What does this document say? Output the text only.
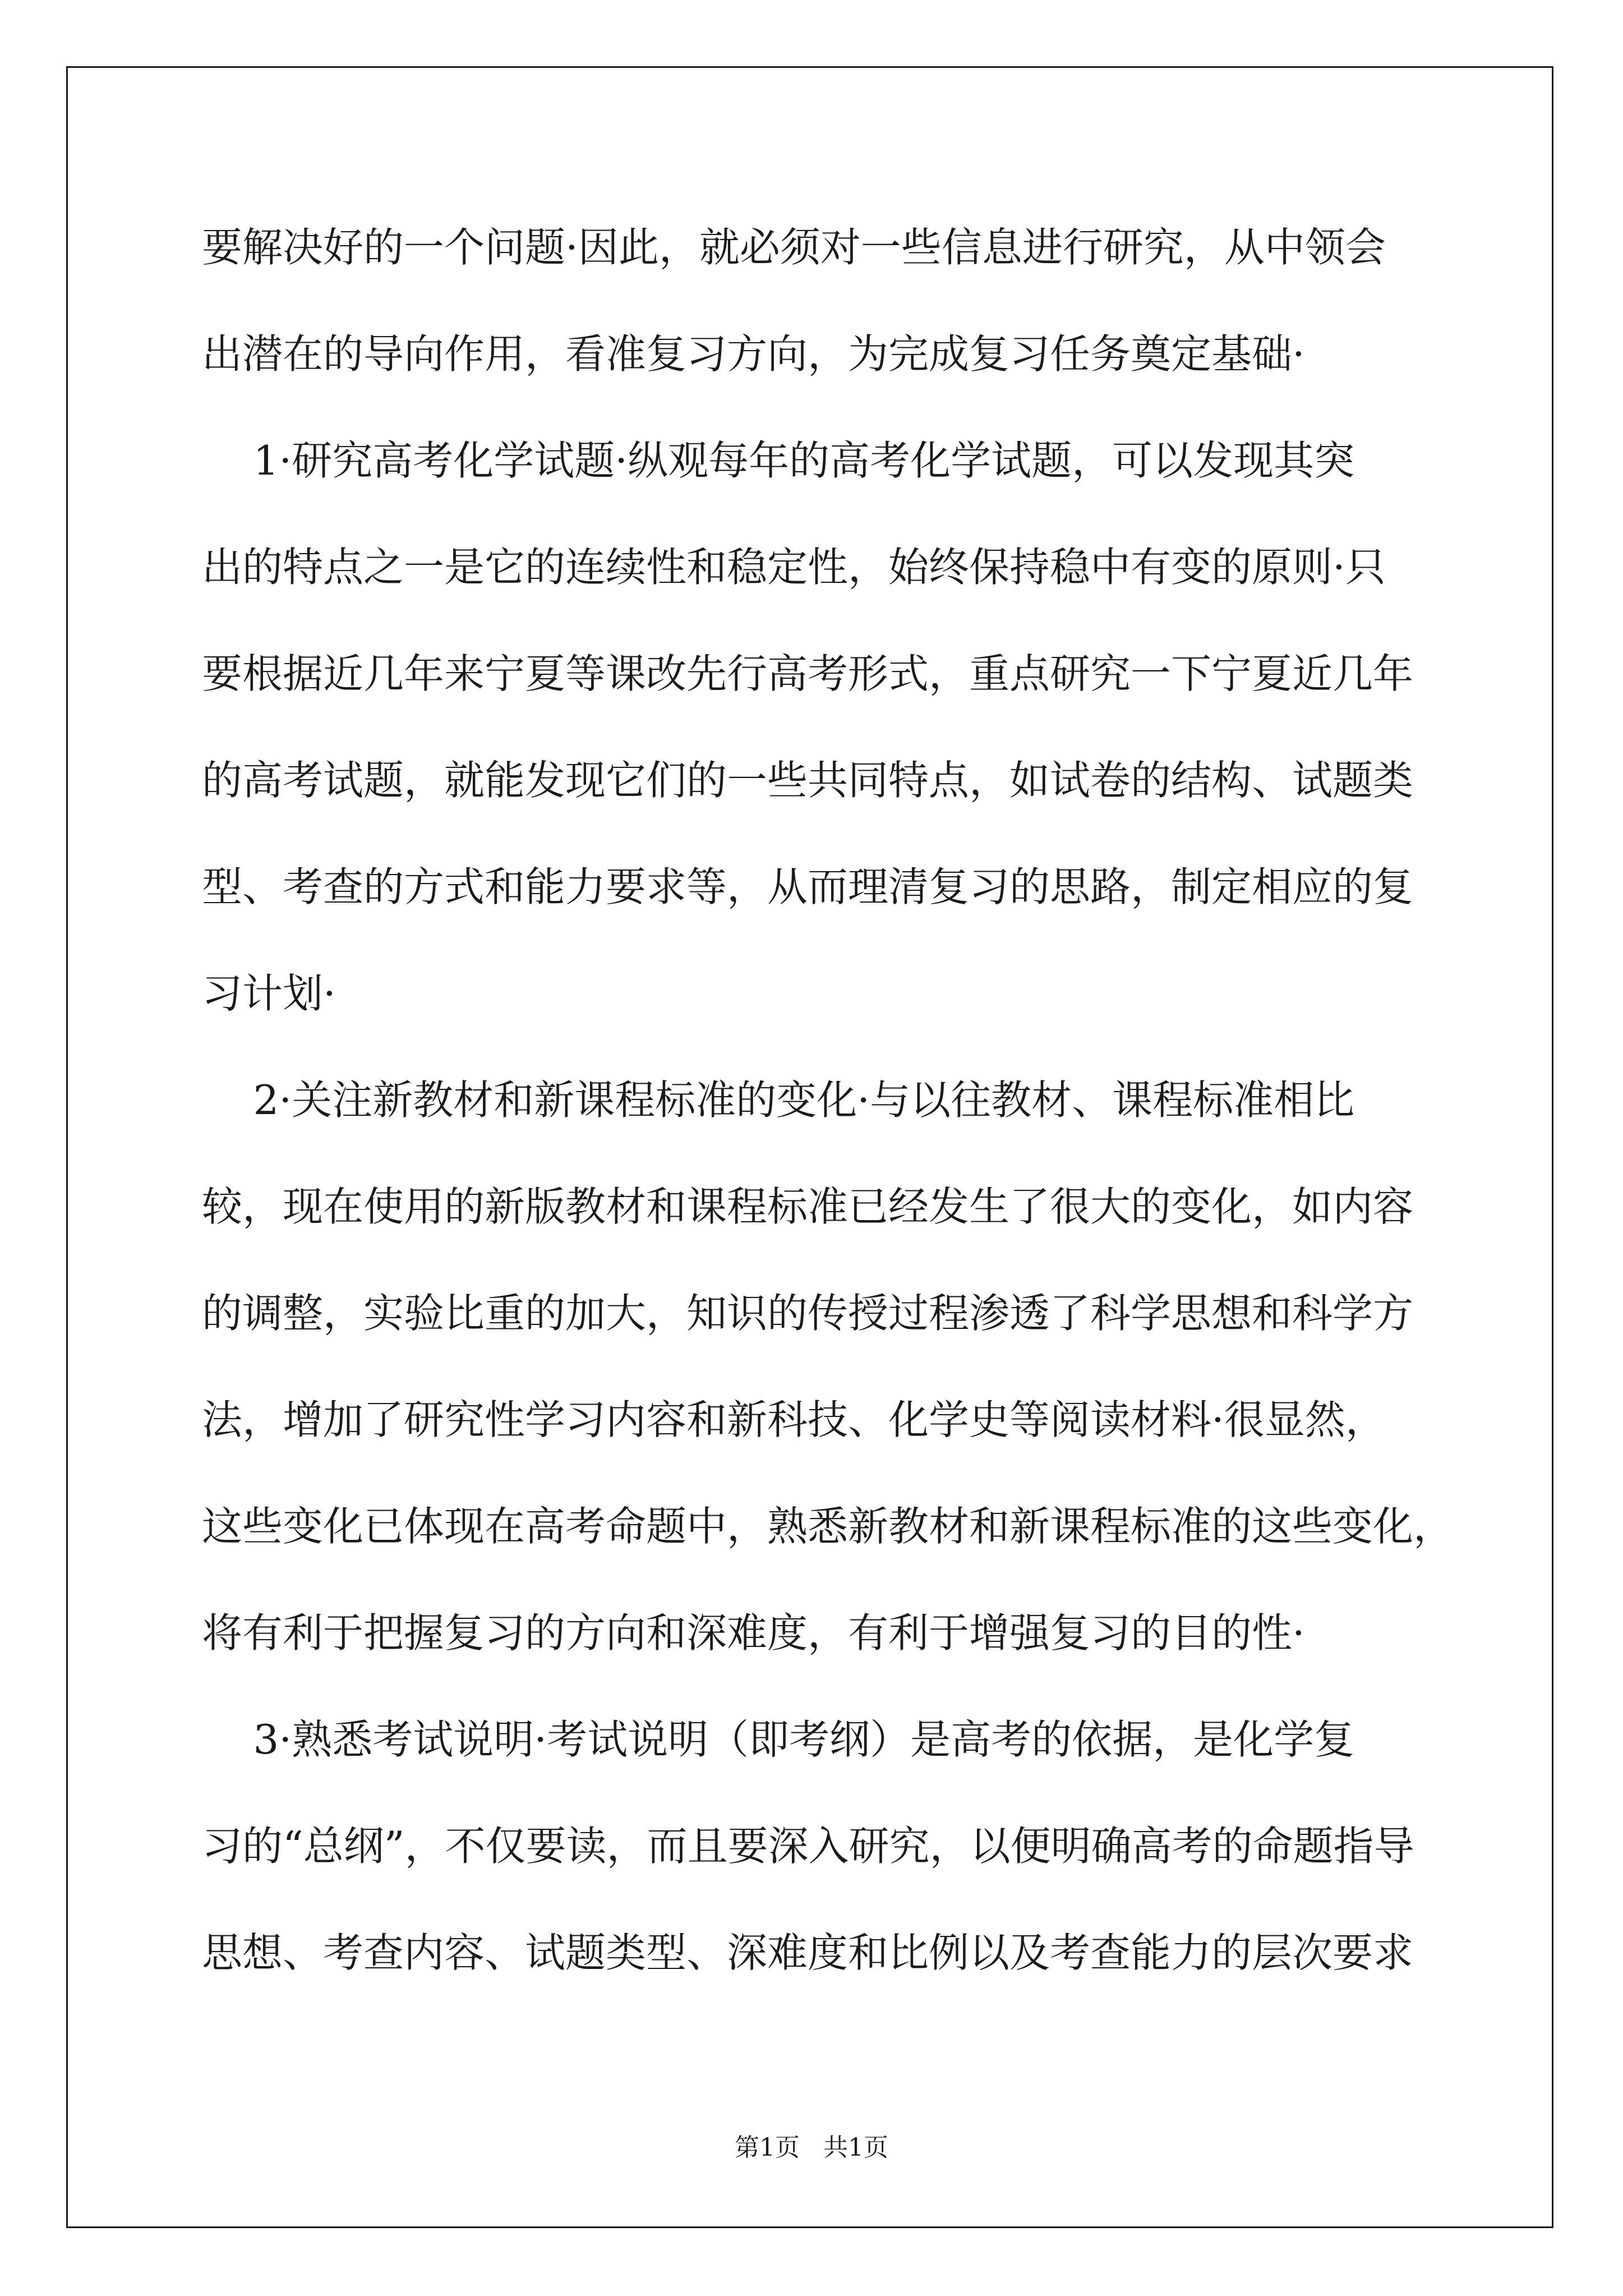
要解决好的一个问题·因此，就必须对一些信息进行研究，从中领会
出潜在的导向作用，看准复习方向，为完成复习任务奠定基础·
1·研究高考化学试题·纵观每年的高考化学试题，可以发现其突
出的特点之一是它的连续性和稳定性，始终保持稳中有变的原则·只
要根据近几年来宁夏等课改先行高考形式，重点研究一下宁夏近几年
的高考试题，就能发现它们的一些共同特点，如试卷的结构、试题类
型、考查的方式和能力要求等，从而理清复习的思路，制定相应的复
习计划·
2·关注新教材和新课程标准的变化·与以往教材、课程标准相比
较，现在使用的新版教材和课程标准已经发生了很大的变化，如内容
的调整，实验比重的加大，知识的传授过程渗透了科学思想和科学方
法，增加了研究性学习内容和新科技、化学史等阅读材料·很显然，
这些变化已体现在高考命题中，熟悉新教材和新课程标准的这些变化，
将有利于把握复习的方向和深难度，有利于增强复习的目的性·
3·熟悉考试说明·考试说明（即考纲）是高考的依据，是化学复
习的“总纲”，不仅要读，而且要深入研究，以便明确高考的命题指导
思想、考查内容、试题类型、深难度和比例以及考查能力的层次要求
第1页   共1页
